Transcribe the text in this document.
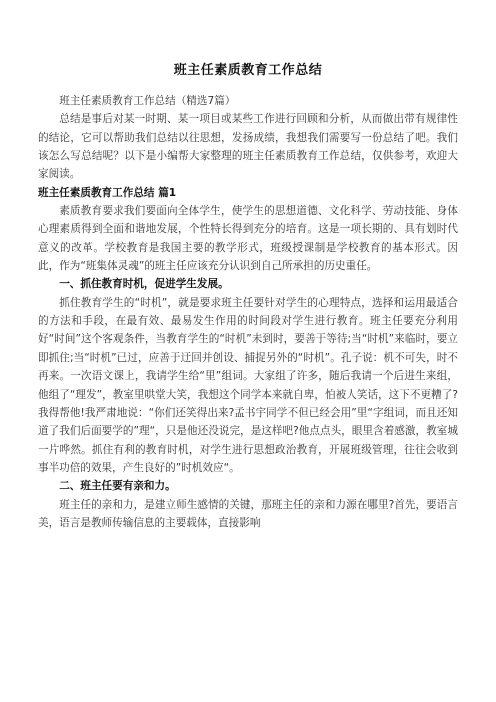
班主任素质教育工作总结

班主任素质教育工作总结（精选7篇）

总结是事后对某一时期、某一项目或某些工作进行回顾和分析，从而做出带有规律性的结论，它可以帮助我们总结以往思想，发扬成绩，我想我们需要写一份总结了吧。我们该怎么写总结呢？以下是小编帮大家整理的班主任素质教育工作总结，仅供参考，欢迎大家阅读。

班主任素质教育工作总结 篇1

素质教育要求我们要面向全体学生，使学生的思想道德、文化科学、劳动技能、身体心理素质得到全面和谐地发展，个性特长得到充分的培育。这是一项长期的、具有划时代意义的改革。学校教育是我国主要的教学形式，班级授课制是学校教育的基本形式。因此，作为“班集体灵魂”的班主任应该充分认识到自己所承担的历史重任。

一、抓住教育时机，促进学生发展。

抓住教育学生的“时机”，就是要求班主任要针对学生的心理特点，选择和运用最适合的方法和手段，在最有效、最易发生作用的时间段对学生进行教育。班主任要充分利用好“时间”这个客观条件，当教育学生的“时机”未到时，要善于等待;当“时机”来临时，要立即抓住;当“时机”已过，应善于迂回并创设、捕捉另外的“时机”。孔子说：机不可失，时不再来。一次语文课上，我请学生给“里”组词。大家组了许多，随后我请一个后进生来组，他组了“理发”，教室里哄堂大笑，我想这个同学本来就自卑，怕被人笑话，这下不更糟了?我得帮他!我严肃地说：“你们还笑得出来?孟书宇同学不但已经会用”里“字组词，而且还知道了我们后面要学的”理“，只是他还没说完，是这样吧?他点点头，眼里含着感激，教室城一片哗然。抓住有利的教育时机，对学生进行思想政治教育，开展班级管理，往往会收到事半功倍的效果，产生良好的”时机效应“。

二、班主任要有亲和力。

班主任的亲和力，是建立师生感情的关键，那班主任的亲和力源在哪里?首先，要语言美，语言是教师传输信息的主要载体，直接影响
